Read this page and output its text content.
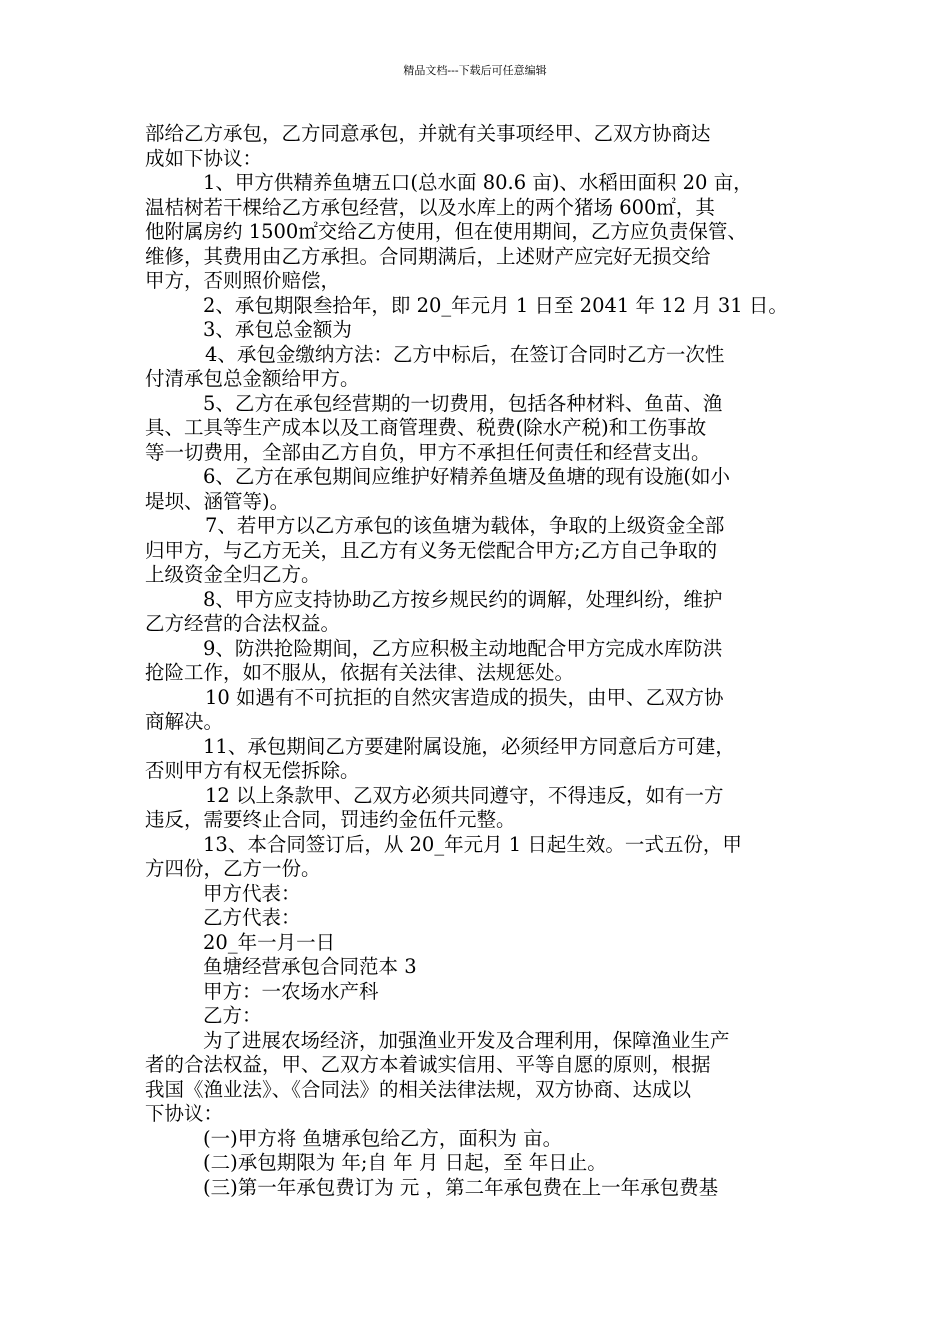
精品文档---下载后可任意编辑
部给乙方承包，乙方同意承包，并就有关事项经甲、乙双方协商达
成如下协议：
1、甲方供精养鱼塘五口(总水面 80.6 亩)、水稻田面积 20 亩，
温桔树若干棵给乙方承包经营，以及水库上的两个猪场 600㎡，其
他附属房约 1500㎡交给乙方使用，但在使用期间，乙方应负责保管、
维修，其费用由乙方承担。合同期满后，上述财产应完好无损交给
甲方，否则照价赔偿，
2、承包期限叁拾年，即 20_年元月 1 日至 2041 年 12 月 31 日。
3、承包总金额为
4、承包金缴纳方法：乙方中标后，在签订合同时乙方一次性
付清承包总金额给甲方。
5、乙方在承包经营期的一切费用，包括各种材料、鱼苗、渔
具、工具等生产成本以及工商管理费、税费(除水产税)和工伤事故
等一切费用，全部由乙方自负，甲方不承担任何责任和经营支出。
6、乙方在承包期间应维护好精养鱼塘及鱼塘的现有设施(如小
堤坝、涵管等)。
7、若甲方以乙方承包的该鱼塘为载体，争取的上级资金全部
归甲方，与乙方无关，且乙方有义务无偿配合甲方;乙方自己争取的
上级资金全归乙方。
8、甲方应支持协助乙方按乡规民约的调解，处理纠纷，维护
乙方经营的合法权益。
9、防洪抢险期间，乙方应积极主动地配合甲方完成水库防洪
抢险工作，如不服从，依据有关法律、法规惩处。
10 如遇有不可抗拒的自然灾害造成的损失，由甲、乙双方协
商解决。
11、承包期间乙方要建附属设施，必须经甲方同意后方可建，
否则甲方有权无偿拆除。
12 以上条款甲、乙双方必须共同遵守，不得违反，如有一方
违反，需要终止合同，罚违约金伍仟元整。
13、本合同签订后，从 20_年元月 1 日起生效。一式五份，甲
方四份，乙方一份。
甲方代表：
乙方代表：
20_年一月一日
鱼塘经营承包合同范本 3
甲方：一农场水产科
乙方：
为了进展农场经济，加强渔业开发及合理利用，保障渔业生产
者的合法权益，甲、乙双方本着诚实信用、平等自愿的原则，根据
我国《渔业法》、《合同法》的相关法律法规，双方协商、达成以
下协议：
(一)甲方将 鱼塘承包给乙方，面积为 亩。
(二)承包期限为 年;自 年 月 日起，至 年日止。
(三)第一年承包费订为 元 ，第二年承包费在上一年承包费基
